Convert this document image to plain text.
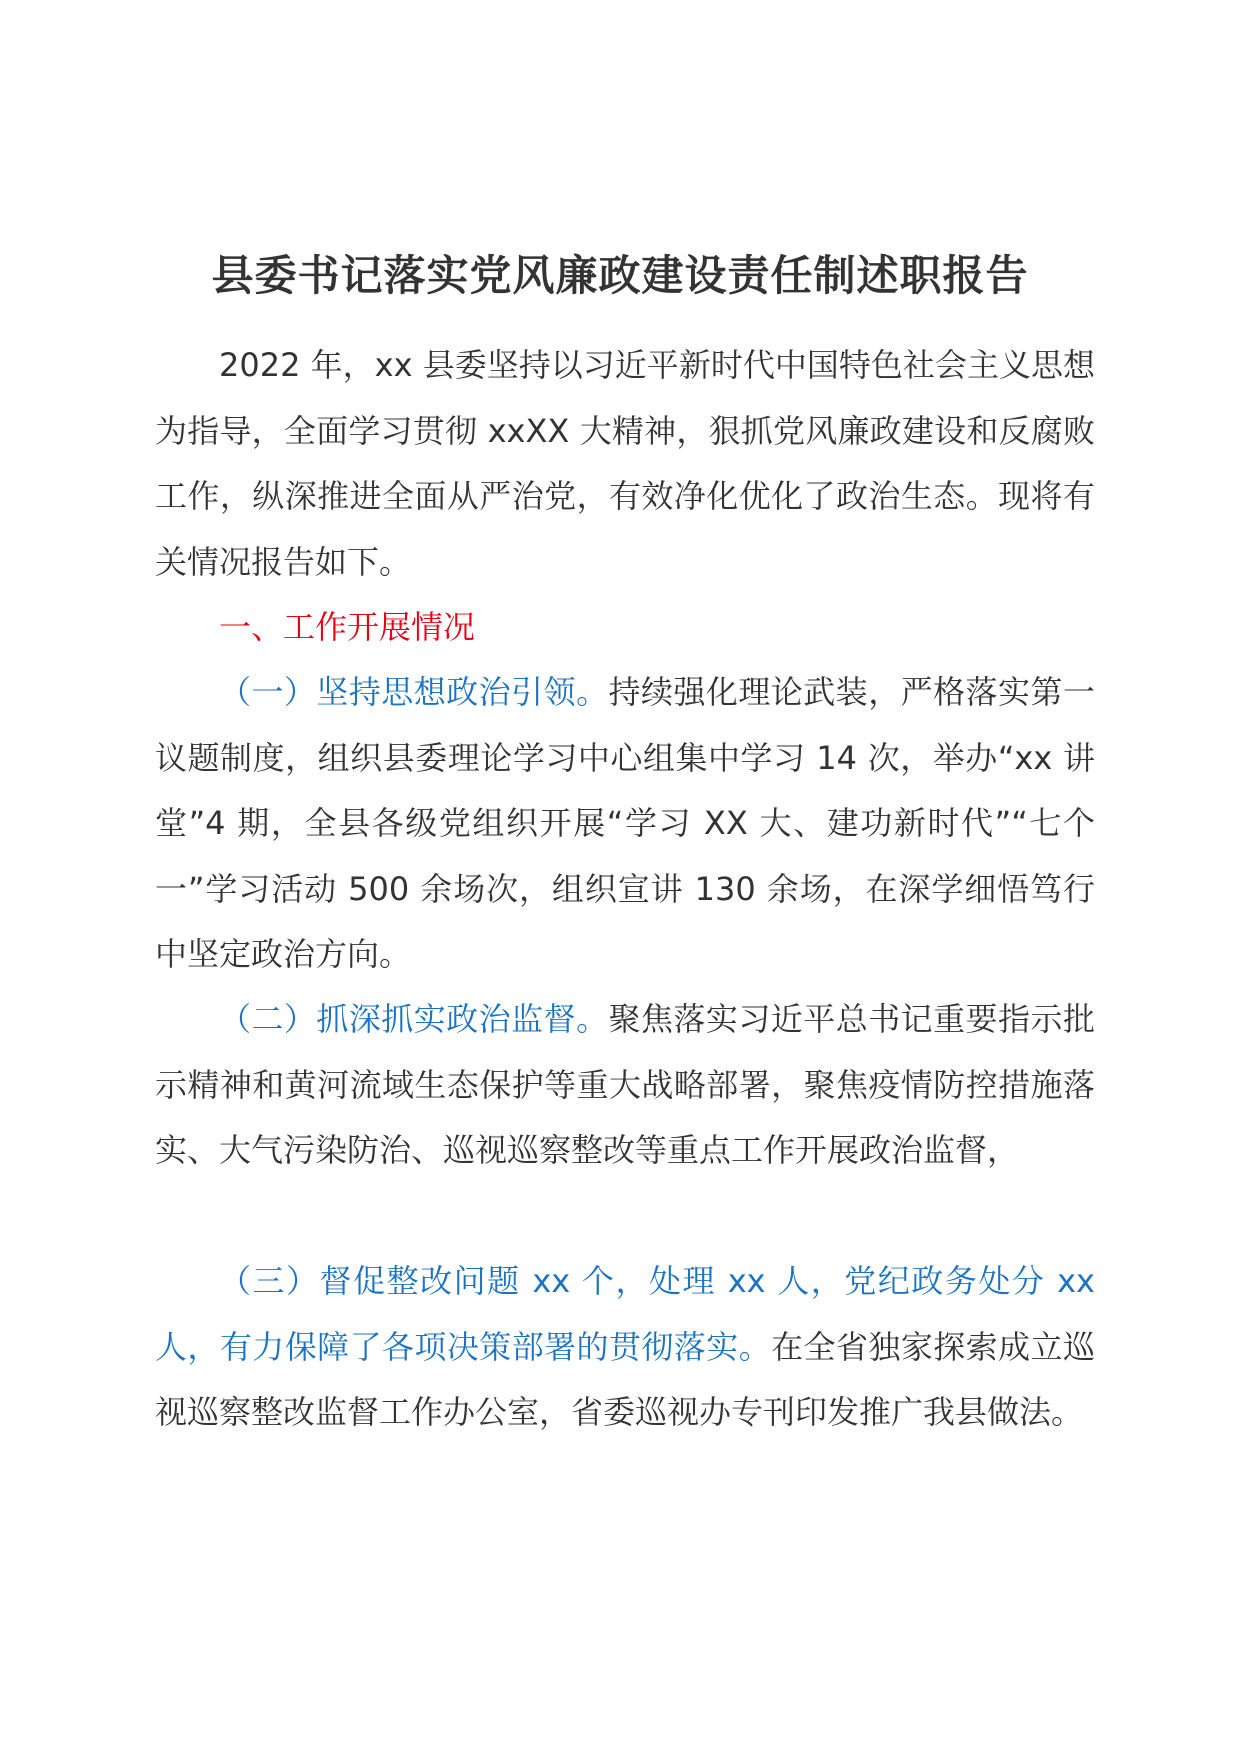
县委书记落实党风廉政建设责任制述职报告

2022 年，xx 县委坚持以习近平新时代中国特色社会主义思想为指导，全面学习贯彻 xxXX 大精神，狠抓党风廉政建设和反腐败工作，纵深推进全面从严治党，有效净化优化了政治生态。现将有关情况报告如下。

一、工作开展情况

（一）坚持思想政治引领。持续强化理论武装，严格落实第一议题制度，组织县委理论学习中心组集中学习 14 次，举办“xx 讲堂”4 期，全县各级党组织开展“学习 XX 大、建功新时代”“七个一”学习活动 500 余场次，组织宣讲 130 余场，在深学细悟笃行中坚定政治方向。

（二）抓深抓实政治监督。聚焦落实习近平总书记重要指示批示精神和黄河流域生态保护等重大战略部署，聚焦疫情防控措施落实、大气污染防治、巡视巡察整改等重点工作开展政治监督，

（三）督促整改问题 xx 个，处理 xx 人，党纪政务处分 xx 人，有力保障了各项决策部署的贯彻落实。在全省独家探索成立巡视巡察整改监督工作办公室，省委巡视办专刊印发推广我县做法。
